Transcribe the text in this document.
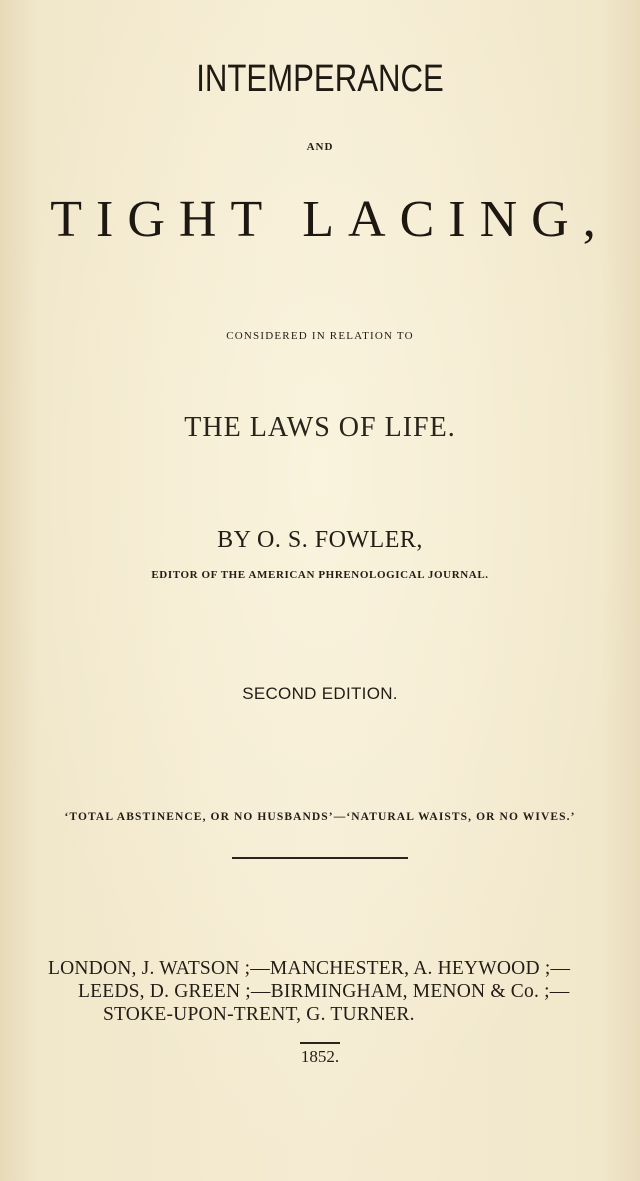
INTEMPERANCE
AND
TIGHT LACING,
CONSIDERED IN RELATION TO
THE LAWS OF LIFE.
BY O. S. FOWLER,
EDITOR OF THE AMERICAN PHRENOLOGICAL JOURNAL.
SECOND EDITION.
‘TOTAL ABSTINENCE, OR NO HUSBANDS’—‘NATURAL WAISTS, OR NO WIVES.’
LONDON, J. WATSON ;—MANCHESTER, A. HEYWOOD ;—
LEEDS, D. GREEN ;—BIRMINGHAM, MENON & Co. ;—
STOKE-UPON-TRENT, G. TURNER.
1852.
